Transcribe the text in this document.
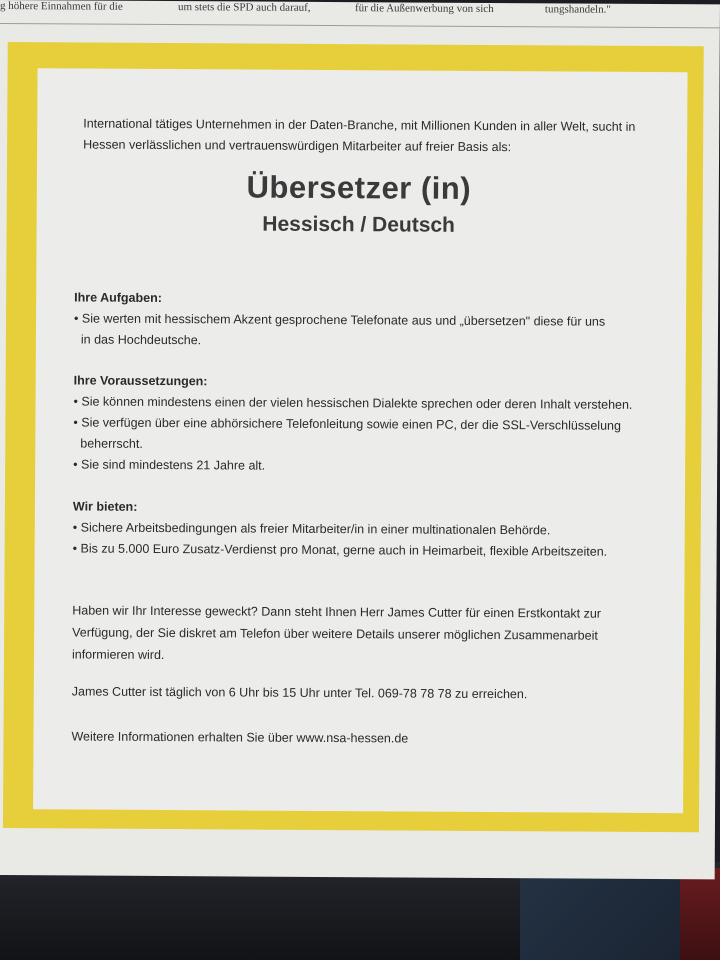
g höhere Einnahmen für die	um stets die SPD auch darauf,	für die Außenwerbung von sich	tungshandeln."
International tätiges Unternehmen in der Daten-Branche, mit Millionen Kunden in aller Welt, sucht in
Hessen verlässlichen und vertrauenswürdigen Mitarbeiter auf freier Basis als:
Übersetzer (in)
Hessisch / Deutsch
Ihre Aufgaben:
• Sie werten mit hessischem Akzent gesprochene Telefonate aus und „übersetzen" diese für uns
in das Hochdeutsche.
Ihre Voraussetzungen:
• Sie können mindestens einen der vielen hessischen Dialekte sprechen oder deren Inhalt verstehen.
• Sie verfügen über eine abhörsichere Telefonleitung sowie einen PC, der die SSL-Verschlüsselung
beherrscht.
• Sie sind mindestens 21 Jahre alt.
Wir bieten:
• Sichere Arbeitsbedingungen als freier Mitarbeiter/in in einer multinationalen Behörde.
• Bis zu 5.000 Euro Zusatz-Verdienst pro Monat, gerne auch in Heimarbeit, flexible Arbeitszeiten.
Haben wir Ihr Interesse geweckt? Dann steht Ihnen Herr James Cutter für einen Erstkontakt zur
Verfügung, der Sie diskret am Telefon über weitere Details unserer möglichen Zusammenarbeit
informieren wird.
James Cutter ist täglich von 6 Uhr bis 15 Uhr unter Tel. 069-78 78 78 zu erreichen.
Weitere Informationen erhalten Sie über www.nsa-hessen.de
